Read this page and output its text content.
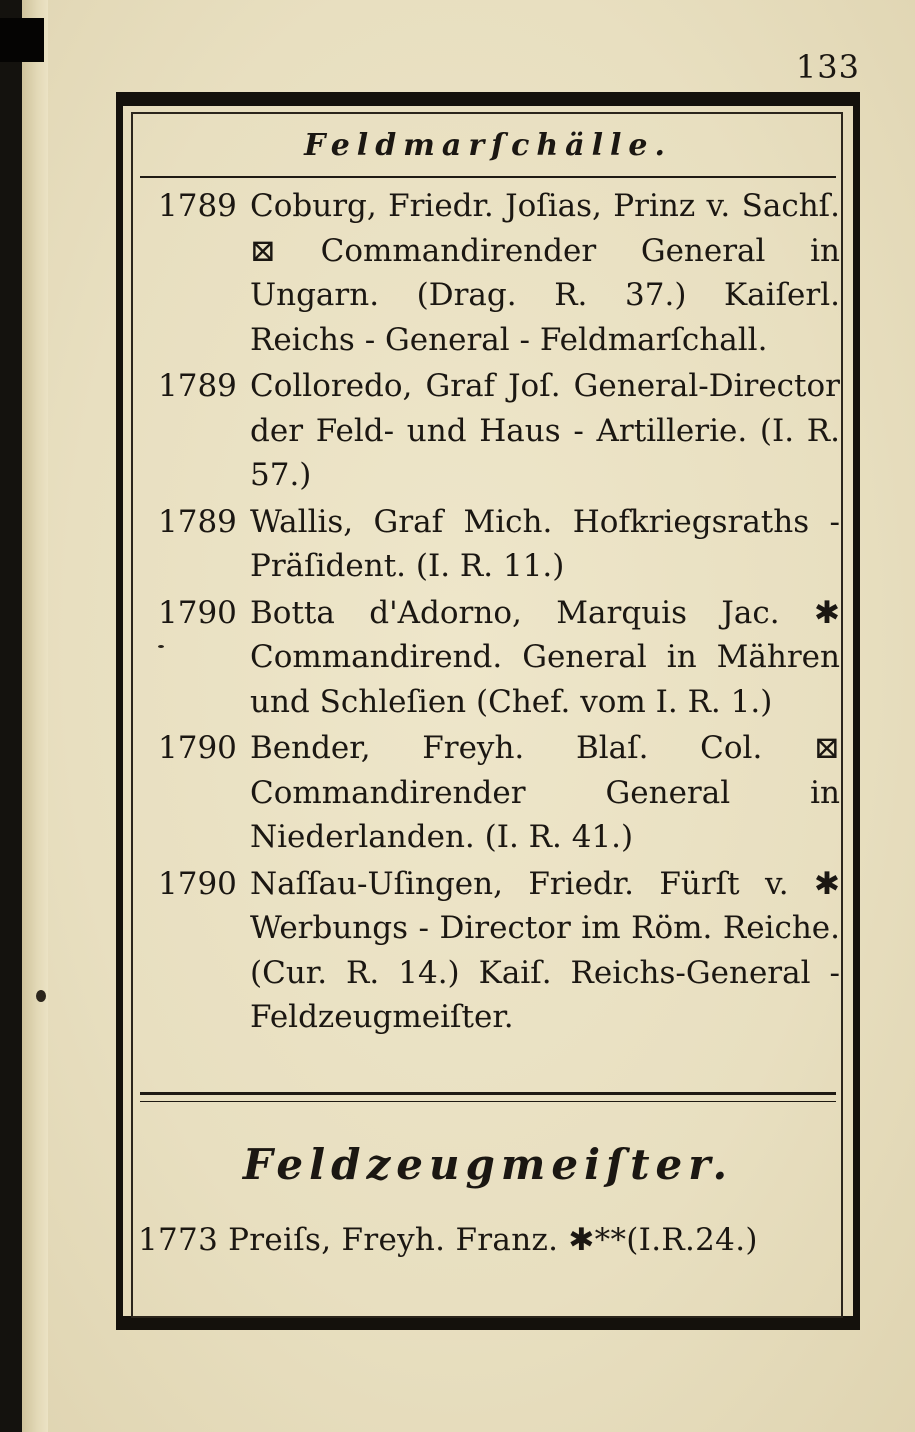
133
Feldmarſchälle.
1789 Coburg, Friedr. Joſias, Prinz v. Sachſ. ⊠ Commandirender General in Ungarn. (Drag. R. 37.) Kaiſerl. Reichs - General - Feldmarſchall.
1789 Colloredo, Graf Joſ. General-Director der Feld- und Haus - Artillerie. (I. R. 57.)
1789 Wallis, Graf Mich. Hofkriegsraths - Präſident. (I. R. 11.)
1790 Botta d'Adorno, Marquis Jac. ✱ Commandirend. General in Mähren und Schleſien (Chef. vom I. R. 1.)
1790 Bender, Freyh. Blaſ. Col. ⊠ Commandirender General in Niederlanden. (I. R. 41.)
1790 Naſſau-Uſingen, Friedr. Fürſt v. ✱ Werbungs - Director im Röm. Reiche. (Cur. R. 14.) Kaiſ. Reichs-General - Feldzeugmeiſter.
Feldzeugmeiſter.
1773 Preiſs, Freyh. Franz. ✱**(I.R.24.)
